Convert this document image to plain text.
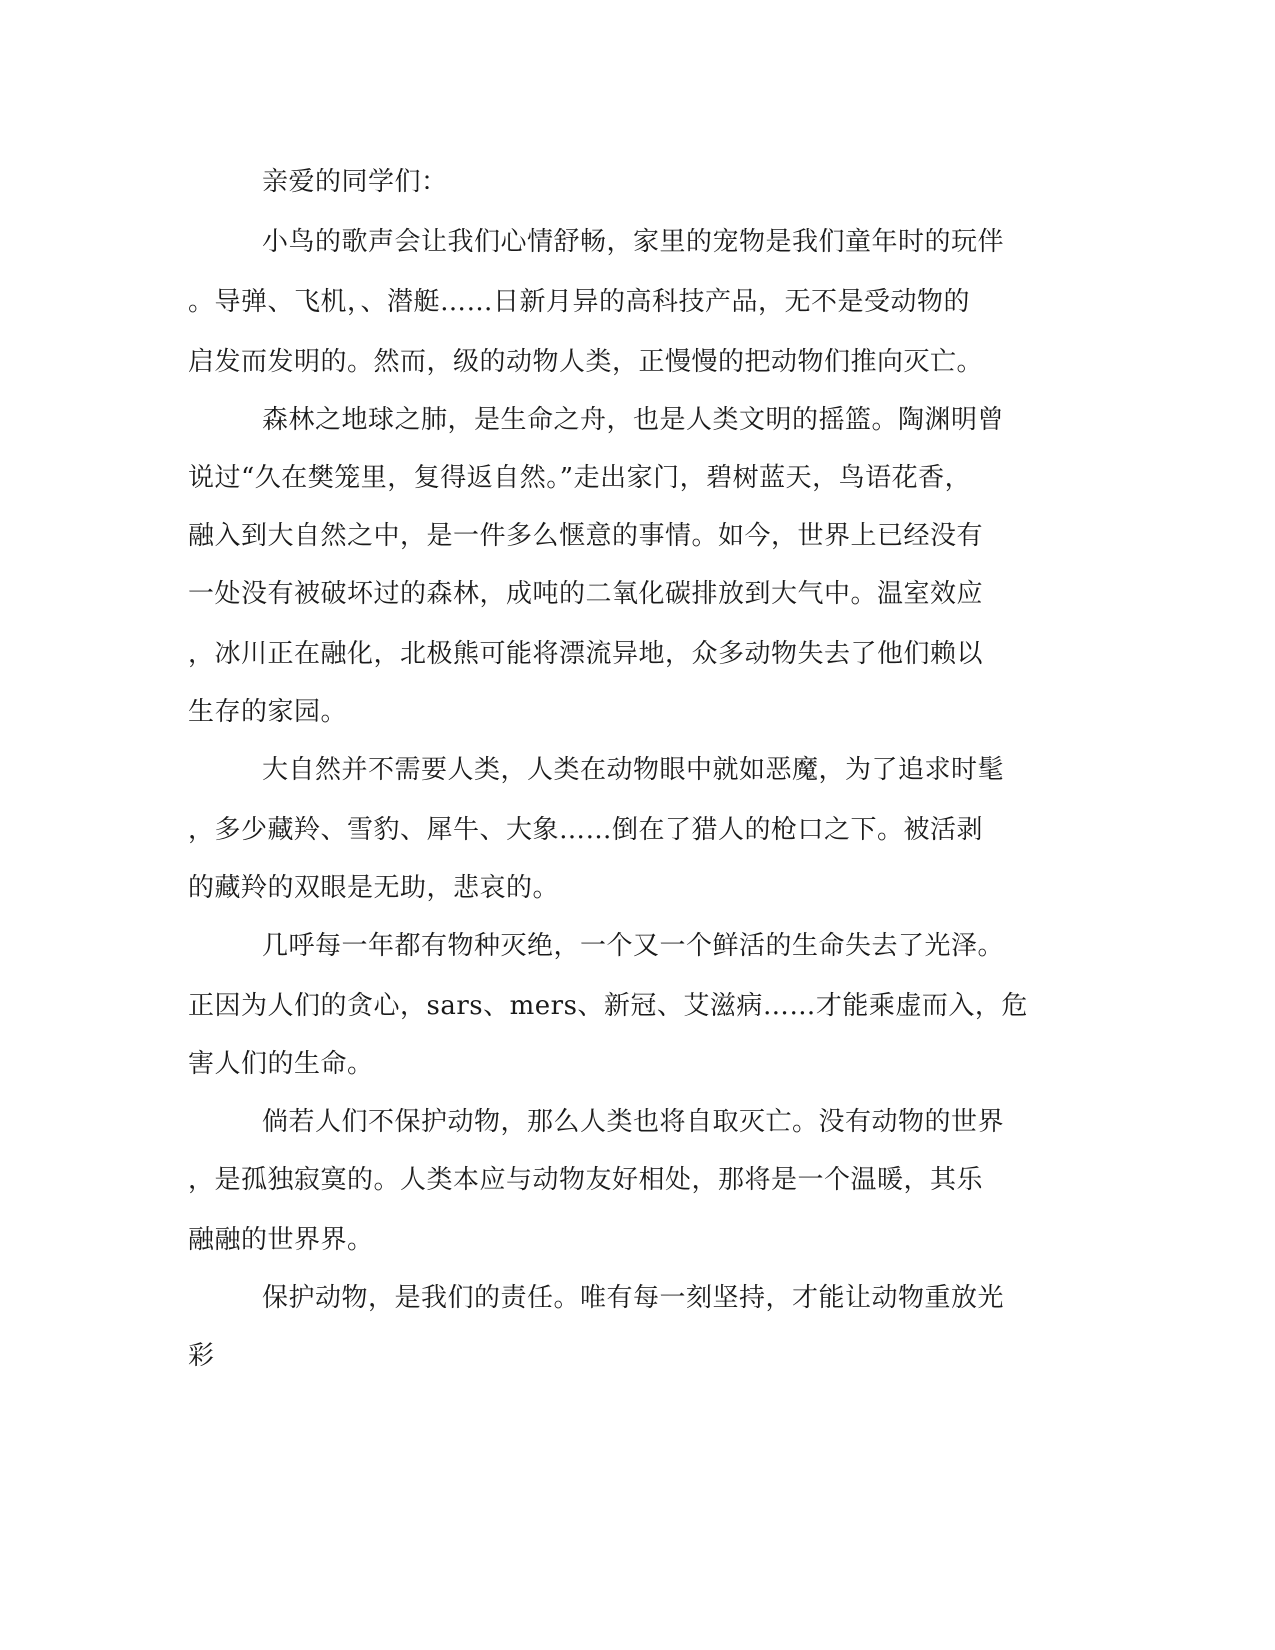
亲爱的同学们：
小鸟的歌声会让我们心情舒畅，家里的宠物是我们童年时的玩伴
。导弹、飞机，、潜艇……日新月异的高科技产品，无不是受动物的
启发而发明的。然而，级的动物人类，正慢慢的把动物们推向灭亡。
森林之地球之肺，是生命之舟，也是人类文明的摇篮。陶渊明曾
说过“久在樊笼里，复得返自然。”走出家门，碧树蓝天，鸟语花香，
融入到大自然之中，是一件多么惬意的事情。如今，世界上已经没有
一处没有被破坏过的森林，成吨的二氧化碳排放到大气中。温室效应
，冰川正在融化，北极熊可能将漂流异地，众多动物失去了他们赖以
生存的家园。
大自然并不需要人类，人类在动物眼中就如恶魔，为了追求时髦
，多少藏羚、雪豹、犀牛、大象……倒在了猎人的枪口之下。被活剥
的藏羚的双眼是无助，悲哀的。
几呼每一年都有物种灭绝，一个又一个鲜活的生命失去了光泽。
正因为人们的贪心，sars、mers、新冠、艾滋病……才能乘虚而入，危
害人们的生命。
倘若人们不保护动物，那么人类也将自取灭亡。没有动物的世界
，是孤独寂寞的。人类本应与动物友好相处，那将是一个温暖，其乐
融融的世界界。
保护动物，是我们的责任。唯有每一刻坚持，才能让动物重放光
彩
